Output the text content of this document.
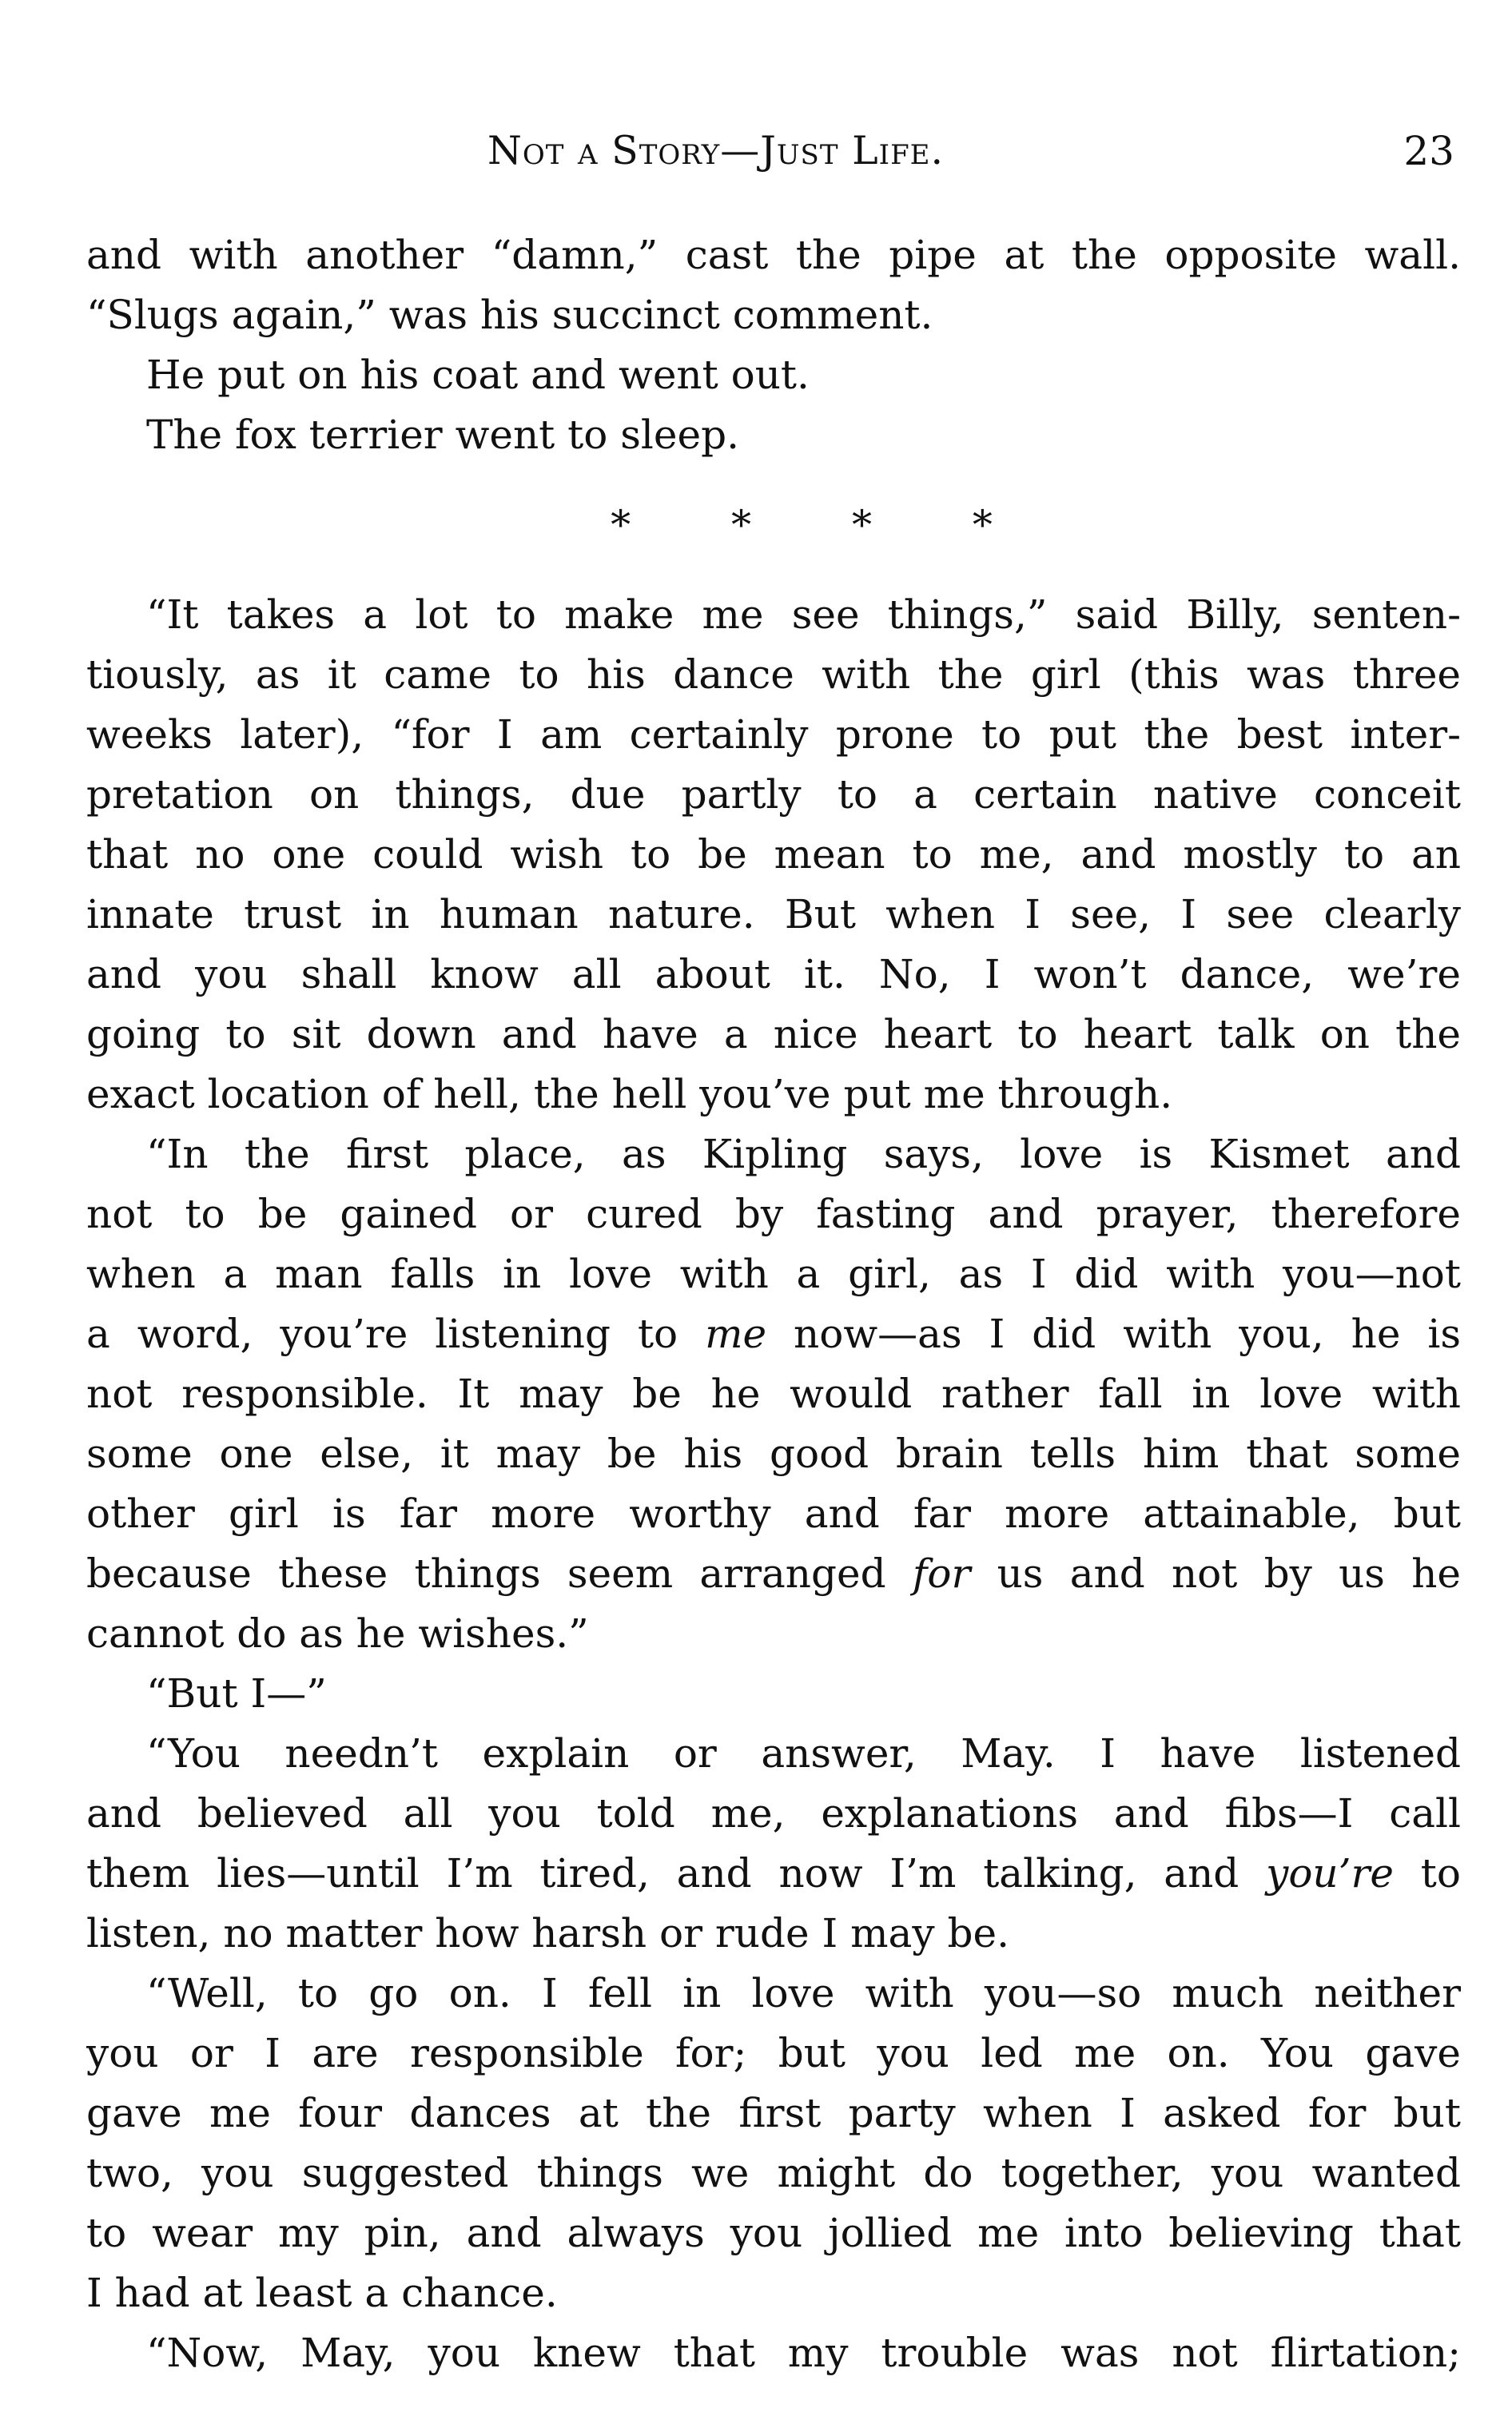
Not a Story—Just Life.	23
and with another “damn,” cast the pipe at the opposite wall.
“Slugs again,” was his succinct comment.
He put on his coat and went out.
The fox terrier went to sleep.
* * * *
“It takes a lot to make me see things,” said Billy, senten-
tiously, as it came to his dance with the girl (this was three
weeks later), “for I am certainly prone to put the best inter-
pretation on things, due partly to a certain native conceit
that no one could wish to be mean to me, and mostly to an
innate trust in human nature. But when I see, I see clearly
and you shall know all about it. No, I won’t dance, we’re
going to sit down and have a nice heart to heart talk on the
exact location of hell, the hell you’ve put me through.
“In the first place, as Kipling says, love is Kismet and
not to be gained or cured by fasting and prayer, therefore
when a man falls in love with a girl, as I did with you—not
a word, you’re listening to me now—as I did with you, he is
not responsible. It may be he would rather fall in love with
some one else, it may be his good brain tells him that some
other girl is far more worthy and far more attainable, but
because these things seem arranged for us and not by us he
cannot do as he wishes.”
“But I—”
“You needn’t explain or answer, May. I have listened
and believed all you told me, explanations and fibs—I call
them lies—until I’m tired, and now I’m talking, and you’re to
listen, no matter how harsh or rude I may be.
“Well, to go on. I fell in love with you—so much neither
you or I are responsible for; but you led me on. You gave
gave me four dances at the first party when I asked for but
two, you suggested things we might do together, you wanted
to wear my pin, and always you jollied me into believing that
I had at least a chance.
“Now, May, you knew that my trouble was not flirtation;
